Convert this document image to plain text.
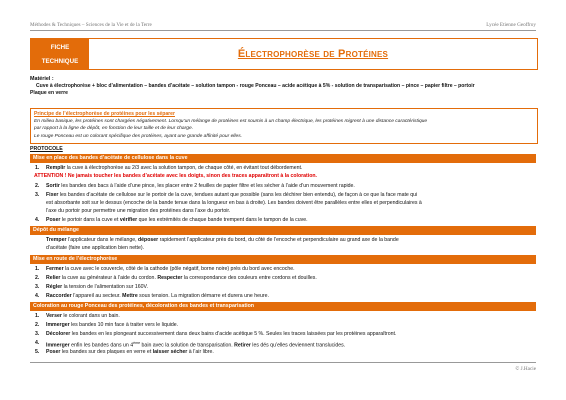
Méthodes & Techniques – Sciences de la Vie et de la Terre	Lycée Etienne Geoffroy
FICHE
TECHNIQUE
Électrophorèse de Protéines
Matériel :
Cuve à électrophorèse + bloc d’alimentation – bandes d’acétate – solution tampon - rouge Ponceau – acide acétique à 5% - solution de transparisation – pince – papier filtre – portoir
Plaque en verre
Principe de l’électrophorèse de protéines pour les séparer
En milieu basique, les protéines sont chargées négativement. Lorsqu’un mélange de protéines est soumis à un champ électrique, les protéines migrent à une distance caractéristique
par rapport à la ligne de dépôt, en fonction de leur taille et de leur charge.
Le rouge Ponceau est un colorant spécifique des protéines, ayant une grande affinité pour elles.
PROTOCOLE
Mise en place des bandes d’acétate de cellulose dans la cuve
1. Remplir la cuve à électrophorèse au 2/3 avec la solution tampon, de chaque côté, en évitant tout débordement.
ATTENTION ! Ne jamais toucher les bandes d’acétate avec les doigts, sinon des traces apparaîtront à la coloration.
2. Sortir les bandes des bacs à l’aide d’une pince, les placer entre 2 feuilles de papier filtre et les sécher à l’aide d’un mouvement rapide.
3. Fixer les bandes d’acétate de cellulose sur le portoir de la cuve, tendues autant que possible (sans les déchirer bien entendu), de façon à ce que la face mate qui
est absorbante soit sur le dessus (encoche de la bande tenue dans la longueur en bas à droite). Les bandes doivent être parallèles entre elles et perpendiculaires à
l’axe du portoir pour permettre une migration des protéines dans l’axe du portoir.
4. Poser le portoir dans la cuve et vérifier que les extrémités de chaque bande trempent dans le tampon de la cuve.
Dépôt du mélange
Tremper l’applicateur dans le mélange, déposer rapidement l’applicateur près du bord, du côté de l’encoche et perpendiculaire au grand axe de la bande
d’acétate (faire une application bien nette).
Mise en route de l’électrophorèse
1. Fermer la cuve avec le couvercle, côté de la cathode (pôle négatif, borne noire) près du bord avec encoche.
2. Relier la cuve au générateur à l’aide du cordon. Respecter la correspondance des couleurs entre cordons et douilles.
3. Régler la tension de l’alimentation sur 160V.
4. Raccorder l’appareil au secteur. Mettre sous tension. La migration démarre et durera une heure.
Coloration au rouge Ponceau des protéines, décoloration des bandes et transparisation
1. Verser le colorant dans un bain.
2. Immerger les bandes 10 min face à traiter vers le liquide.
3. Décolorer les bandes en les plongeant successivement dans deux bains d’acide acétique 5 %. Seules les traces laissées par les protéines apparaîtront.
4. Immerger enfin les bandes dans un 4ème bain avec la solution de transparisation. Retirer les dés qu’elles deviennent translucides.
5. Poser les bandes sur des plaques en verre et laisser sécher à l’air libre.
© J.Hacie
